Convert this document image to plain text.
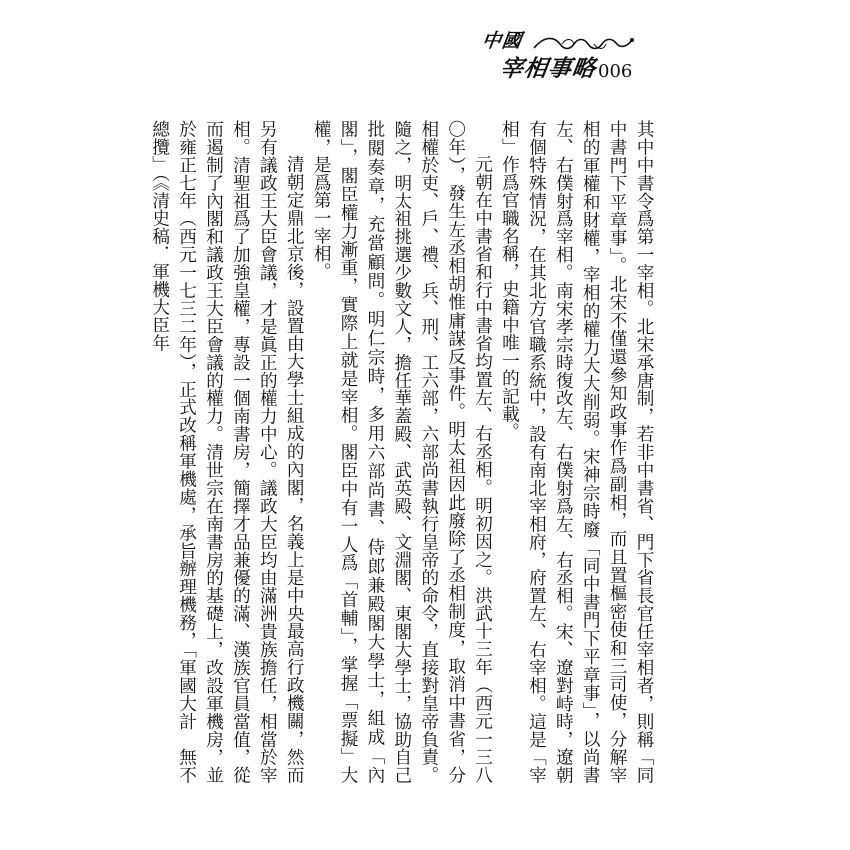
中國
宰相事略 006

其中中書令爲第一宰相。北宋承唐制，若非中書省、門下省長官任宰相者，則稱「同中書門下平章事」。北宋不僅還參知政事作爲副相，而且置樞密使和三司使，分解宰相的軍權和財權，宰相的權力大大削弱。宋神宗時廢「同中書門下平章事」，以尚書左、右僕射爲宰相。南宋孝宗時復改左、右僕射爲左、右丞相。宋、遼對峙時，遼朝有個特殊情況，在其北方官職系統中，設有南北宰相府，府置左、右宰相。這是「宰相」作爲官職名稱，史籍中唯一的記載。

元朝在中書省和行中書省均置左、右丞相。明初因之。洪武十三年（西元一三八〇年），發生左丞相胡惟庸謀反事件。明太祖因此廢除了丞相制度，取消中書省，分相權於吏、戶、禮、兵、刑、工六部，六部尚書執行皇帝的命令，直接對皇帝負責。隨之，明太祖挑選少數文人，擔任華蓋殿、武英殿、文淵閣、東閣大學士，協助自己批閱奏章，充當顧問。明仁宗時，多用六部尚書、侍郎兼殿閣大學士，組成「內閣」，閣臣權力漸重，實際上就是宰相。閣臣中有一人爲「首輔」，掌握「票擬」大權，是爲第一宰相。

清朝定鼎北京後，設置由大學士組成的內閣，名義上是中央最高行政機關，然而另有議政王大臣會議，才是眞正的權力中心。議政大臣均由滿洲貴族擔任，相當於宰相。清聖祖爲了加強皇權，專設一個南書房，簡擇才品兼優的滿、漢族官員當值，從而遏制了內閣和議政王大臣會議的權力。清世宗在南書房的基礎上，改設軍機房，並於雍正七年（西元一七三二年），正式改稱軍機處，承旨辦理機務，「軍國大計　無不總攬」（《清史稿．軍機大臣年
